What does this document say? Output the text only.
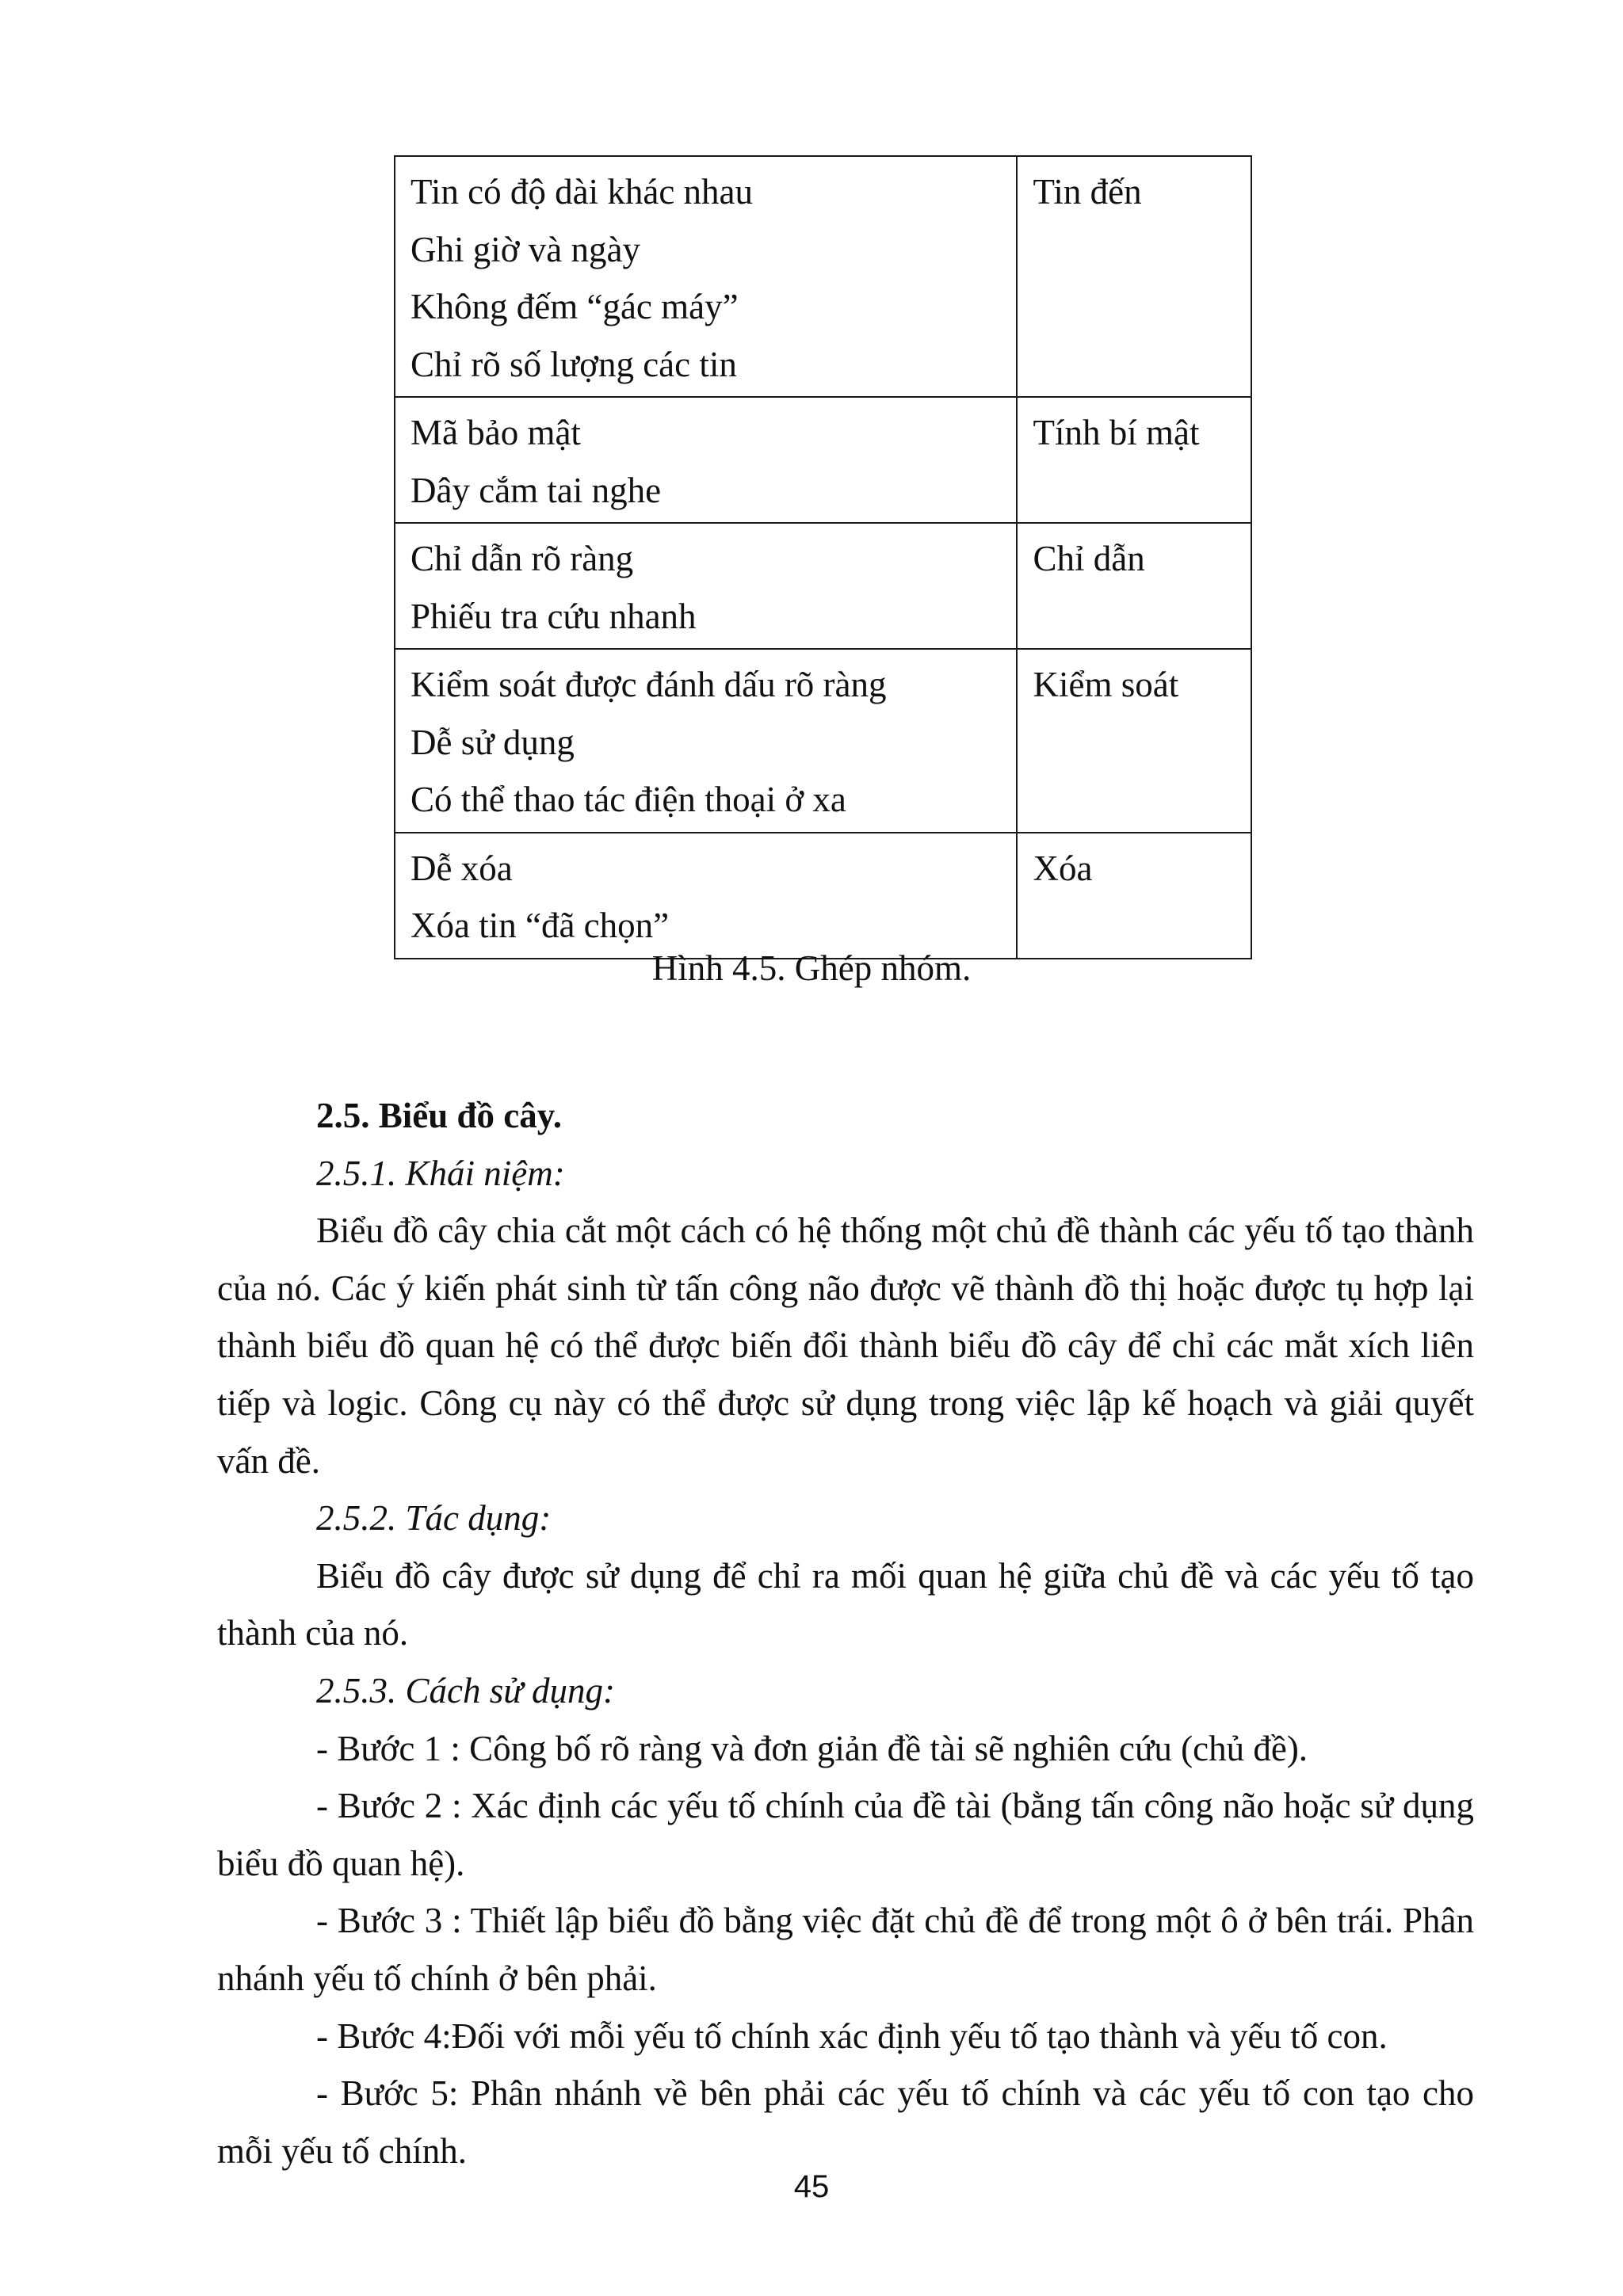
Tin có độ dài khác nhau
Ghi giờ và ngày
Không đếm “gác máy”
Chỉ rõ số lượng các tin	Tin đến

Mã bảo mật
Dây cắm tai nghe	Tính bí mật

Chỉ dẫn rõ ràng
Phiếu tra cứu nhanh	Chỉ dẫn

Kiểm soát được đánh dấu rõ ràng
Dễ sử dụng
Có thể thao tác điện thoại ở xa	Kiểm soát

Dễ xóa
Xóa tin “đã chọn”	Xóa
Hình 4.5. Ghép nhóm.

2.5. Biểu đồ cây.

2.5.1. Khái niệm:

Biểu đồ cây chia cắt một cách có hệ thống một chủ đề thành các yếu tố tạo thành của nó. Các ý kiến phát sinh từ tấn công não được vẽ thành đồ thị hoặc được tụ hợp lại thành biểu đồ quan hệ có thể được biến đổi thành biểu đồ cây để chỉ các mắt xích liên tiếp và logic. Công cụ này có thể được sử dụng trong việc lập kế hoạch và giải quyết vấn đề.

2.5.2. Tác dụng:

Biểu đồ cây được sử dụng để chỉ ra mối quan hệ giữa chủ đề và các yếu tố tạo thành của nó.

2.5.3. Cách sử dụng:

- Bước 1 : Công bố rõ ràng và đơn giản đề tài sẽ nghiên cứu (chủ đề).

- Bước 2 : Xác định các yếu tố chính của đề tài (bằng tấn công não hoặc sử dụng biểu đồ quan hệ).

- Bước 3 : Thiết lập biểu đồ bằng việc đặt chủ đề để trong một ô ở bên trái. Phân nhánh yếu tố chính ở bên phải.

- Bước 4:Đối với mỗi yếu tố chính xác định yếu tố tạo thành và yếu tố con.

- Bước 5: Phân nhánh về bên phải các yếu tố chính và các yếu tố con tạo cho mỗi yếu tố chính.

45
